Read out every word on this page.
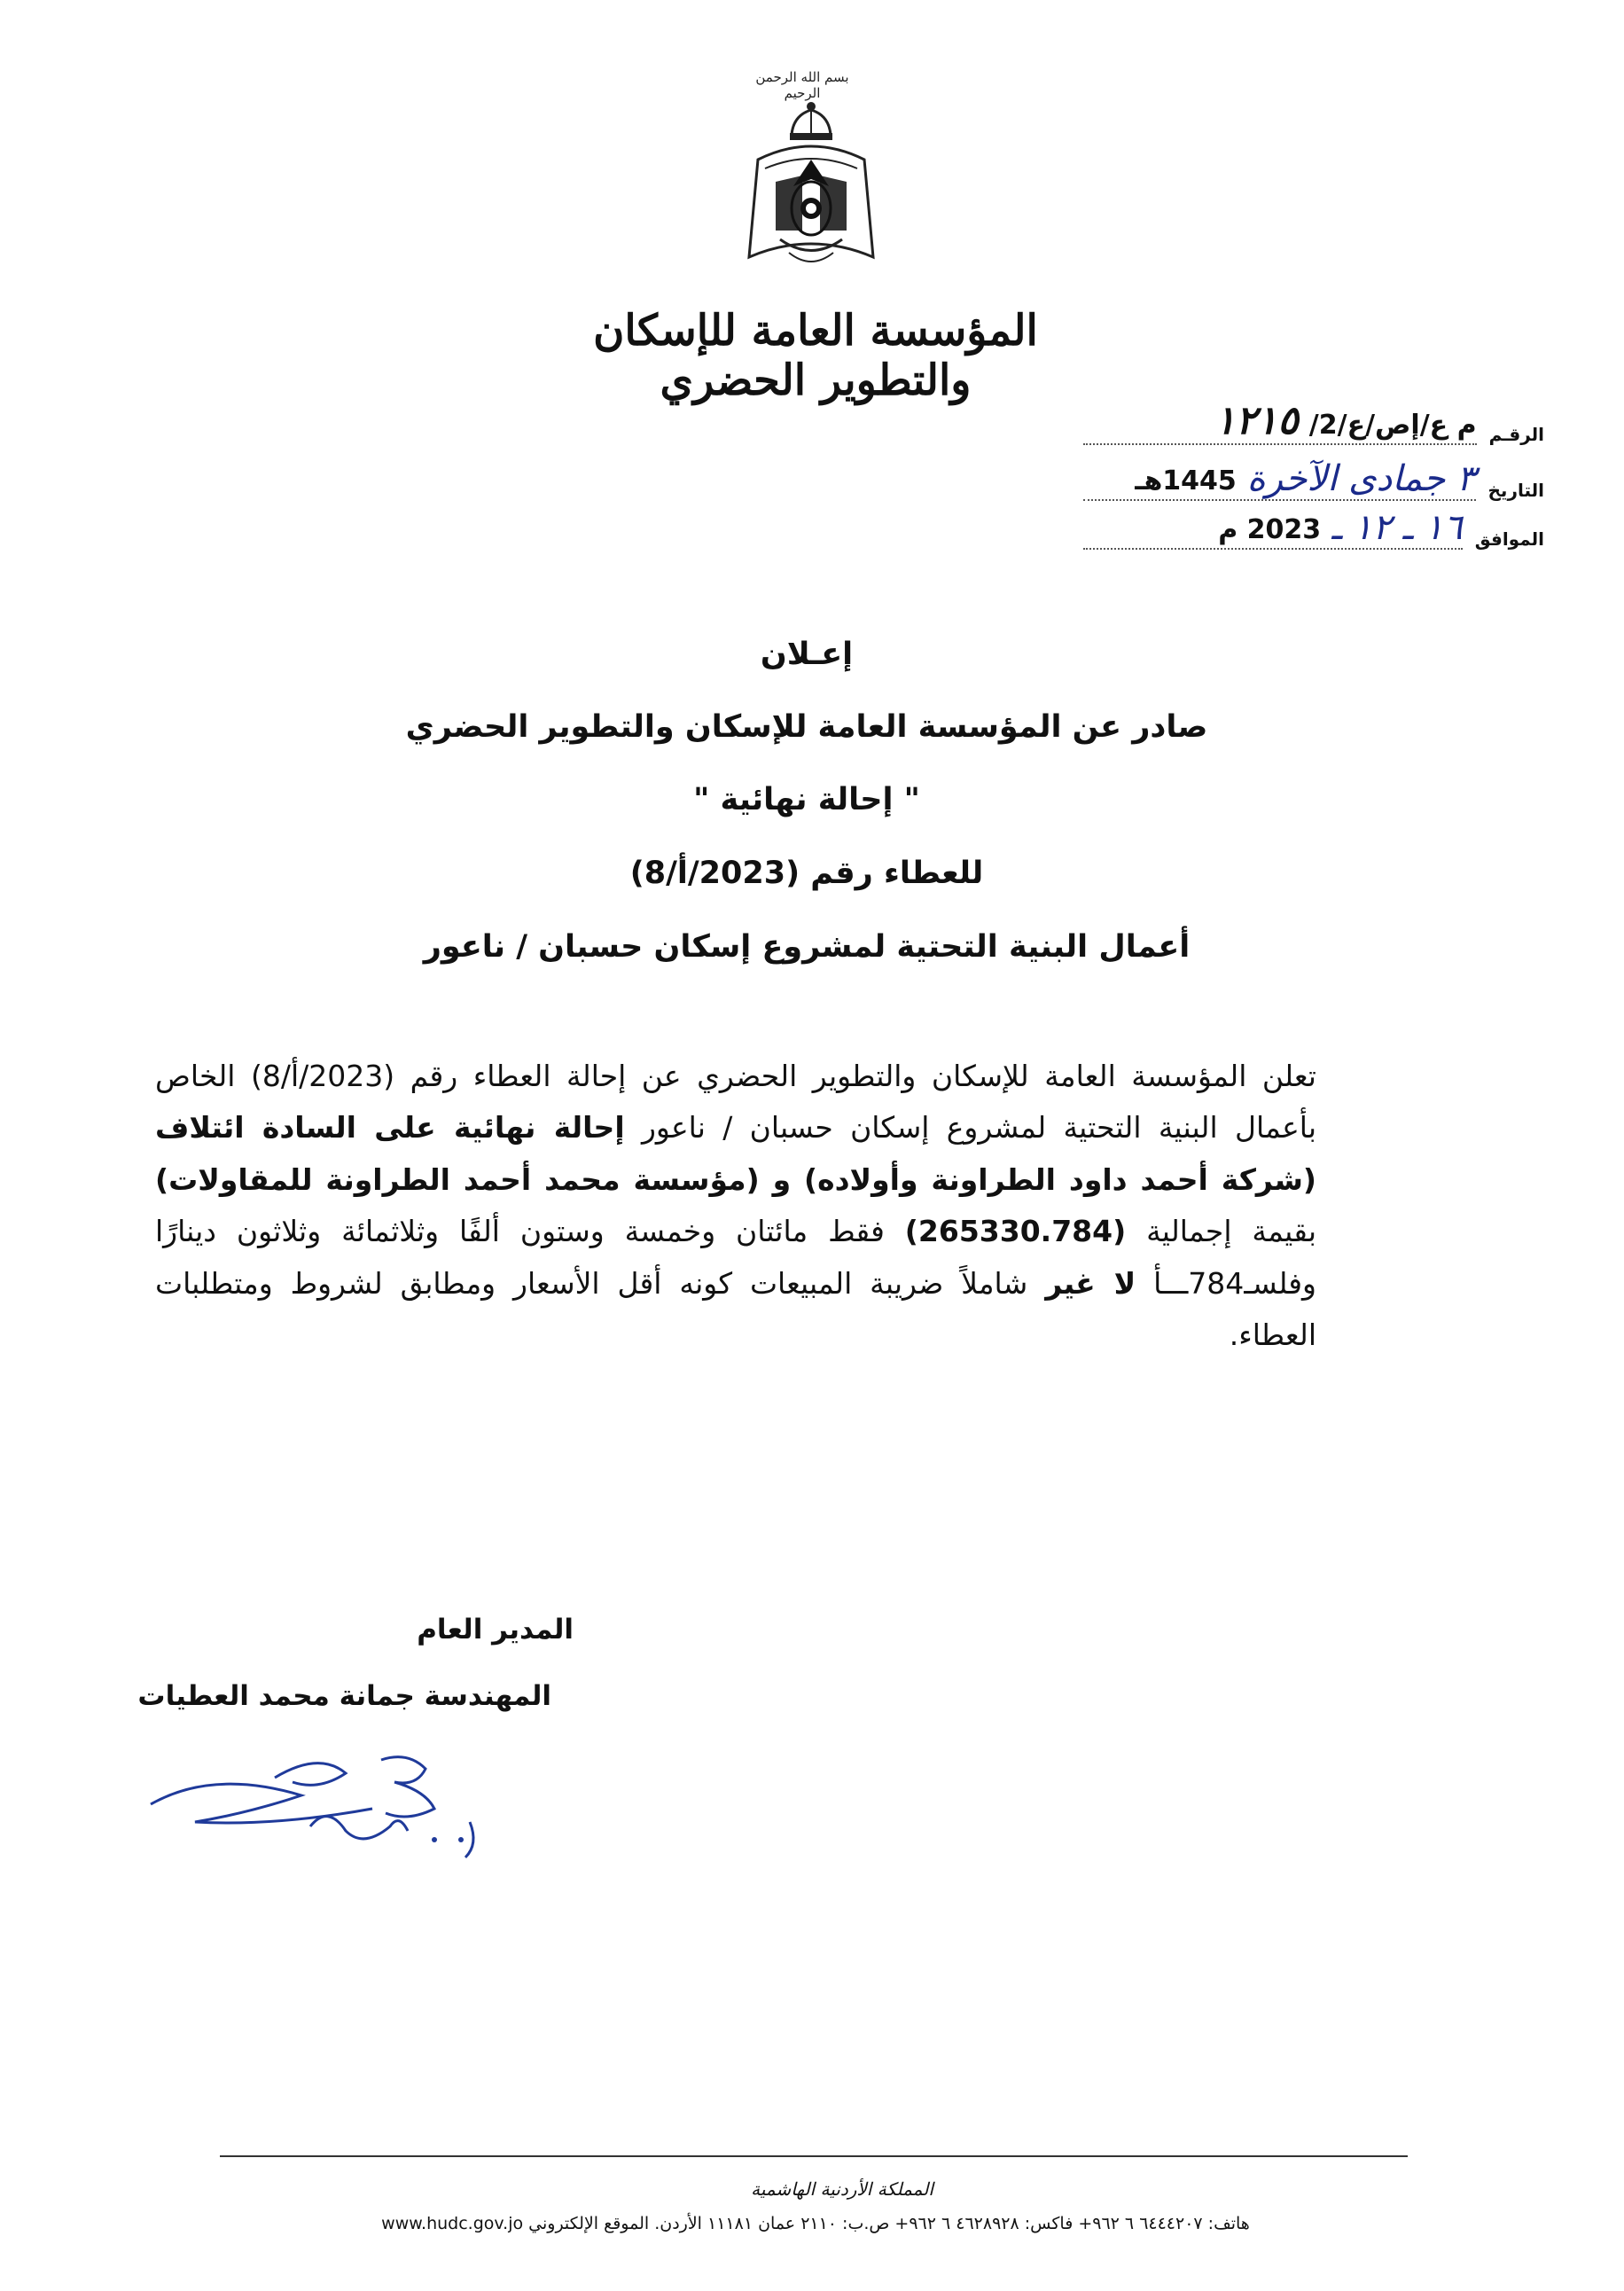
بسم الله الرحمن الرحيم
المؤسسة العامة للإسكان والتطوير الحضري
الرقـم
م ع/إص/ع/2/
١٢١٥
التاريخ
٣ جمادى الآخرة
1445هـ
الموافق
١٦ ـ ١٢ ـ
2023 م
إعـلان
صادر عن المؤسسة العامة للإسكان والتطوير الحضري
" إحالة نهائية "
للعطاء رقم (2023/أ/8)
أعمال البنية التحتية لمشروع إسكان حسبان / ناعور
تعلن المؤسسة العامة للإسكان والتطوير الحضري عن إحالة العطاء رقم (2023/أ/8) الخاص بأعمال البنية التحتية لمشروع إسكان حسبان / ناعور إحالة نهائية على السادة ائتلاف (شركة أحمد داود الطراونة وأولاده) و (مؤسسة محمد أحمد الطراونة للمقاولات) بقيمة إجمالية (265330.784) فقط مائتان وخمسة وستون ألفًا وثلاثمائة وثلاثون دينارًا وفلسـ784ـــأ لا غير شاملاً ضريبة المبيعات كونه أقل الأسعار ومطابق لشروط ومتطلبات العطاء.
المدير العام
المهندسة جمانة محمد العطيات
المملكة الأردنية الهاشمية
هاتف: ٦٤٤٤٢٠٧ ٦ ٩٦٢+ فاكس: ٤٦٢٨٩٢٨ ٦ ٩٦٢+ ص.ب: ٢١١٠ عمان ١١١٨١ الأردن. الموقع الإلكتروني www.hudc.gov.jo
